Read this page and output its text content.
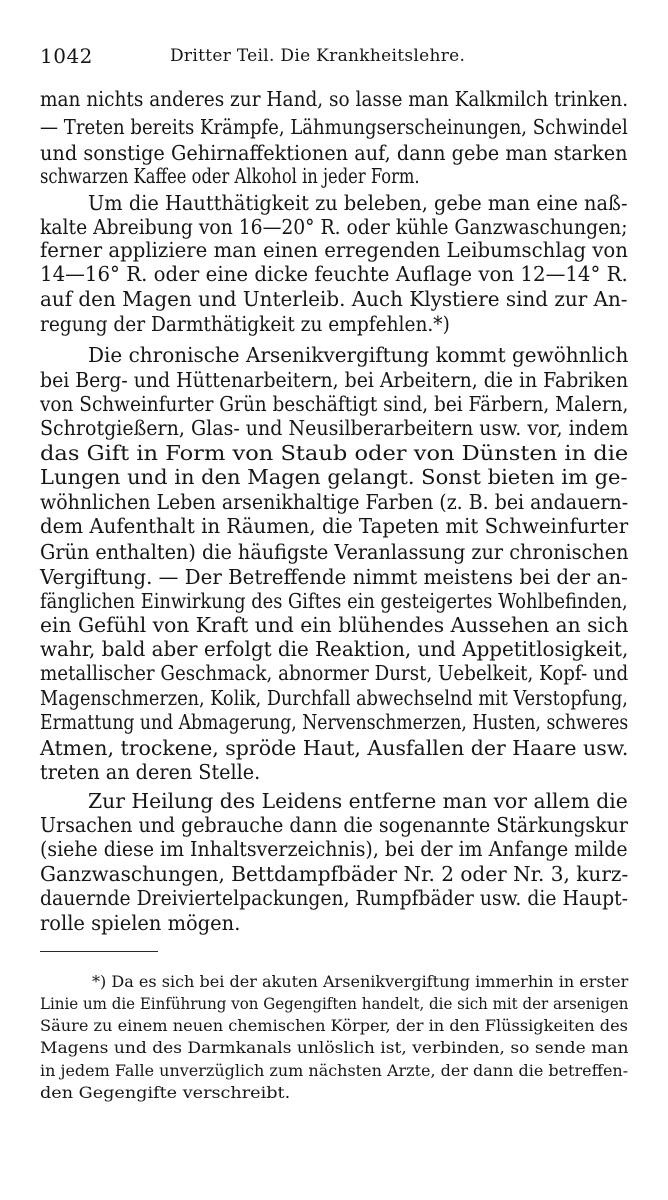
1042	Dritter Teil. Die Krankheitslehre.
man nichts anderes zur Hand, so lasse man Kalkmilch trinken.
— Treten bereits Krämpfe, Lähmungserscheinungen, Schwindel
und sonstige Gehirnaffektionen auf, dann gebe man starken
schwarzen Kaffee oder Alkohol in jeder Form.
Um die Hautthätigkeit zu beleben, gebe man eine naß-
kalte Abreibung von 16—20° R. oder kühle Ganzwaschungen;
ferner appliziere man einen erregenden Leibumschlag von
14—16° R. oder eine dicke feuchte Auflage von 12—14° R.
auf den Magen und Unterleib. Auch Klystiere sind zur An-
regung der Darmthätigkeit zu empfehlen.*)
Die chronische Arsenikvergiftung kommt gewöhnlich
bei Berg- und Hüttenarbeitern, bei Arbeitern, die in Fabriken
von Schweinfurter Grün beschäftigt sind, bei Färbern, Malern,
Schrotgießern, Glas- und Neusilberarbeitern usw. vor, indem
das Gift in Form von Staub oder von Dünsten in die
Lungen und in den Magen gelangt. Sonst bieten im ge-
wöhnlichen Leben arsenikhaltige Farben (z. B. bei andauern-
dem Aufenthalt in Räumen, die Tapeten mit Schweinfurter
Grün enthalten) die häufigste Veranlassung zur chronischen
Vergiftung. — Der Betreffende nimmt meistens bei der an-
fänglichen Einwirkung des Giftes ein gesteigertes Wohlbefinden,
ein Gefühl von Kraft und ein blühendes Aussehen an sich
wahr, bald aber erfolgt die Reaktion, und Appetitlosigkeit,
metallischer Geschmack, abnormer Durst, Uebelkeit, Kopf- und
Magenschmerzen, Kolik, Durchfall abwechselnd mit Verstopfung,
Ermattung und Abmagerung, Nervenschmerzen, Husten, schweres
Atmen, trockene, spröde Haut, Ausfallen der Haare usw.
treten an deren Stelle.
Zur Heilung des Leidens entferne man vor allem die
Ursachen und gebrauche dann die sogenannte Stärkungskur
(siehe diese im Inhaltsverzeichnis), bei der im Anfange milde
Ganzwaschungen, Bettdampfbäder Nr. 2 oder Nr. 3, kurz-
dauernde Dreiviertelpackungen, Rumpfbäder usw. die Haupt-
rolle spielen mögen.
*) Da es sich bei der akuten Arsenikvergiftung immerhin in erster
Linie um die Einführung von Gegengiften handelt, die sich mit der arsenigen
Säure zu einem neuen chemischen Körper, der in den Flüssigkeiten des
Magens und des Darmkanals unlöslich ist, verbinden, so sende man
in jedem Falle unverzüglich zum nächsten Arzte, der dann die betreffen-
den Gegengifte verschreibt.
